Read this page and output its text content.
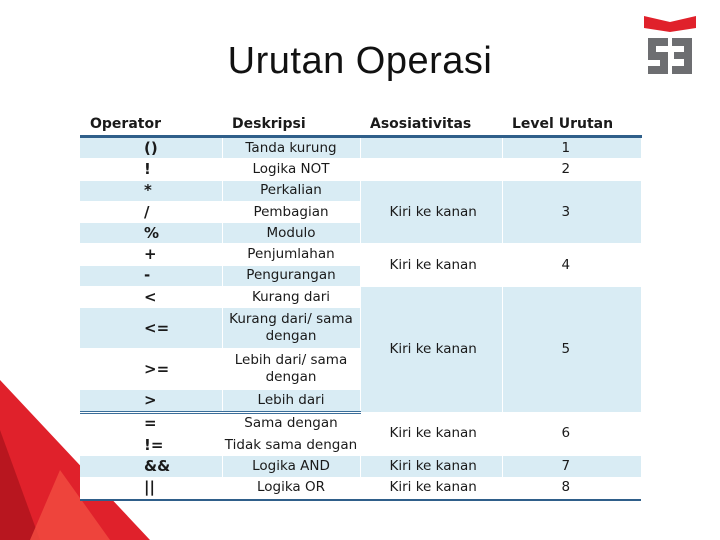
Urutan Operasi
Operator	Deskripsi	Asosiativitas	Level Urutan
()	Tanda kurung		1
!	Logika NOT		2
*	Perkalian	Kiri ke kanan	3
/	Pembagian		
%	Modulo		
+	Penjumlahan	Kiri ke kanan	4
-	Pengurangan		
<	Kurang dari	Kiri ke kanan	5
<=	Kurang dari/ sama dengan		
>=	Lebih dari/ sama dengan		
>	Lebih dari		
=	Sama dengan	Kiri ke kanan	6
!=	Tidak sama dengan		
&&	Logika AND	Kiri ke kanan	7
||	Logika OR	Kiri ke kanan	8
